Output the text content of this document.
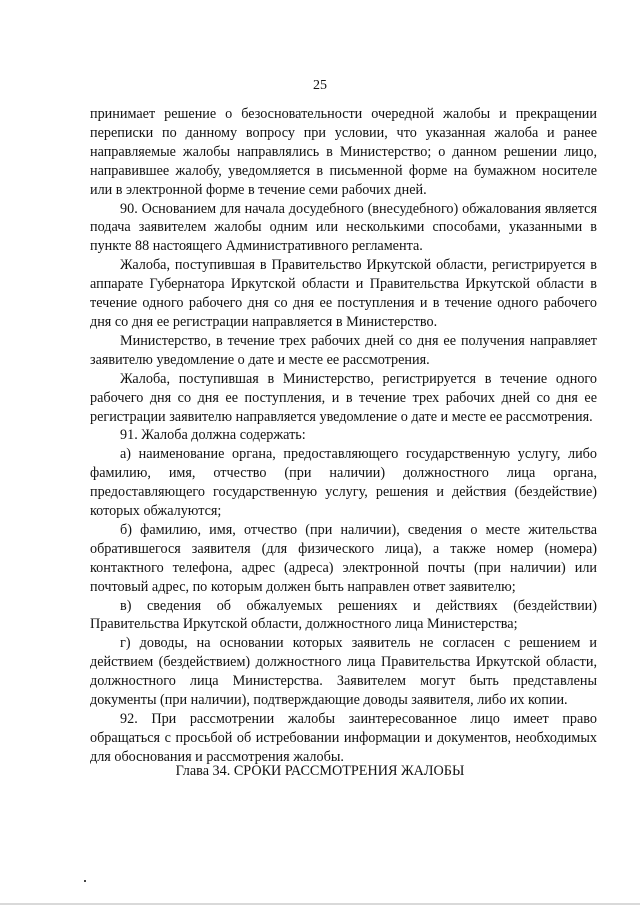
25

принимает решение о безосновательности очередной жалобы и прекращении переписки по данному вопросу при условии, что указанная жалоба и ранее направляемые жалобы направлялись в Министерство; о данном решении лицо, направившее жалобу, уведомляется в письменной форме на бумажном носителе или в электронной форме в течение семи рабочих дней.

90. Основанием для начала досудебного (внесудебного) обжалования является подача заявителем жалобы одним или несколькими способами, указанными в пункте 88 настоящего Административного регламента.

Жалоба, поступившая в Правительство Иркутской области, регистрируется в аппарате Губернатора Иркутской области и Правительства Иркутской области в течение одного рабочего дня со дня ее поступления и в течение одного рабочего дня со дня ее регистрации направляется в Министерство.

Министерство, в течение трех рабочих дней со дня ее получения направляет заявителю уведомление о дате и месте ее рассмотрения.

Жалоба, поступившая в Министерство, регистрируется в течение одного рабочего дня со дня ее поступления, и в течение трех рабочих дней со дня ее регистрации заявителю направляется уведомление о дате и месте ее рассмотрения.

91. Жалоба должна содержать:

а) наименование органа, предоставляющего государственную услугу, либо фамилию, имя, отчество (при наличии) должностного лица органа, предоставляющего государственную услугу, решения и действия (бездействие) которых обжалуются;

б) фамилию, имя, отчество (при наличии), сведения о месте жительства обратившегося заявителя (для физического лица), а также номер (номера) контактного телефона, адрес (адреса) электронной почты (при наличии) или почтовый адрес, по которым должен быть направлен ответ заявителю;

в) сведения об обжалуемых решениях и действиях (бездействии) Правительства Иркутской области, должностного лица Министерства;

г) доводы, на основании которых заявитель не согласен с решением и действием (бездействием) должностного лица Правительства Иркутской области, должностного лица Министерства. Заявителем могут быть представлены документы (при наличии), подтверждающие доводы заявителя, либо их копии.

92. При рассмотрении жалобы заинтересованное лицо имеет право обращаться с просьбой об истребовании информации и документов, необходимых для обоснования и рассмотрения жалобы.

Глава 34. СРОКИ РАССМОТРЕНИЯ ЖАЛОБЫ
